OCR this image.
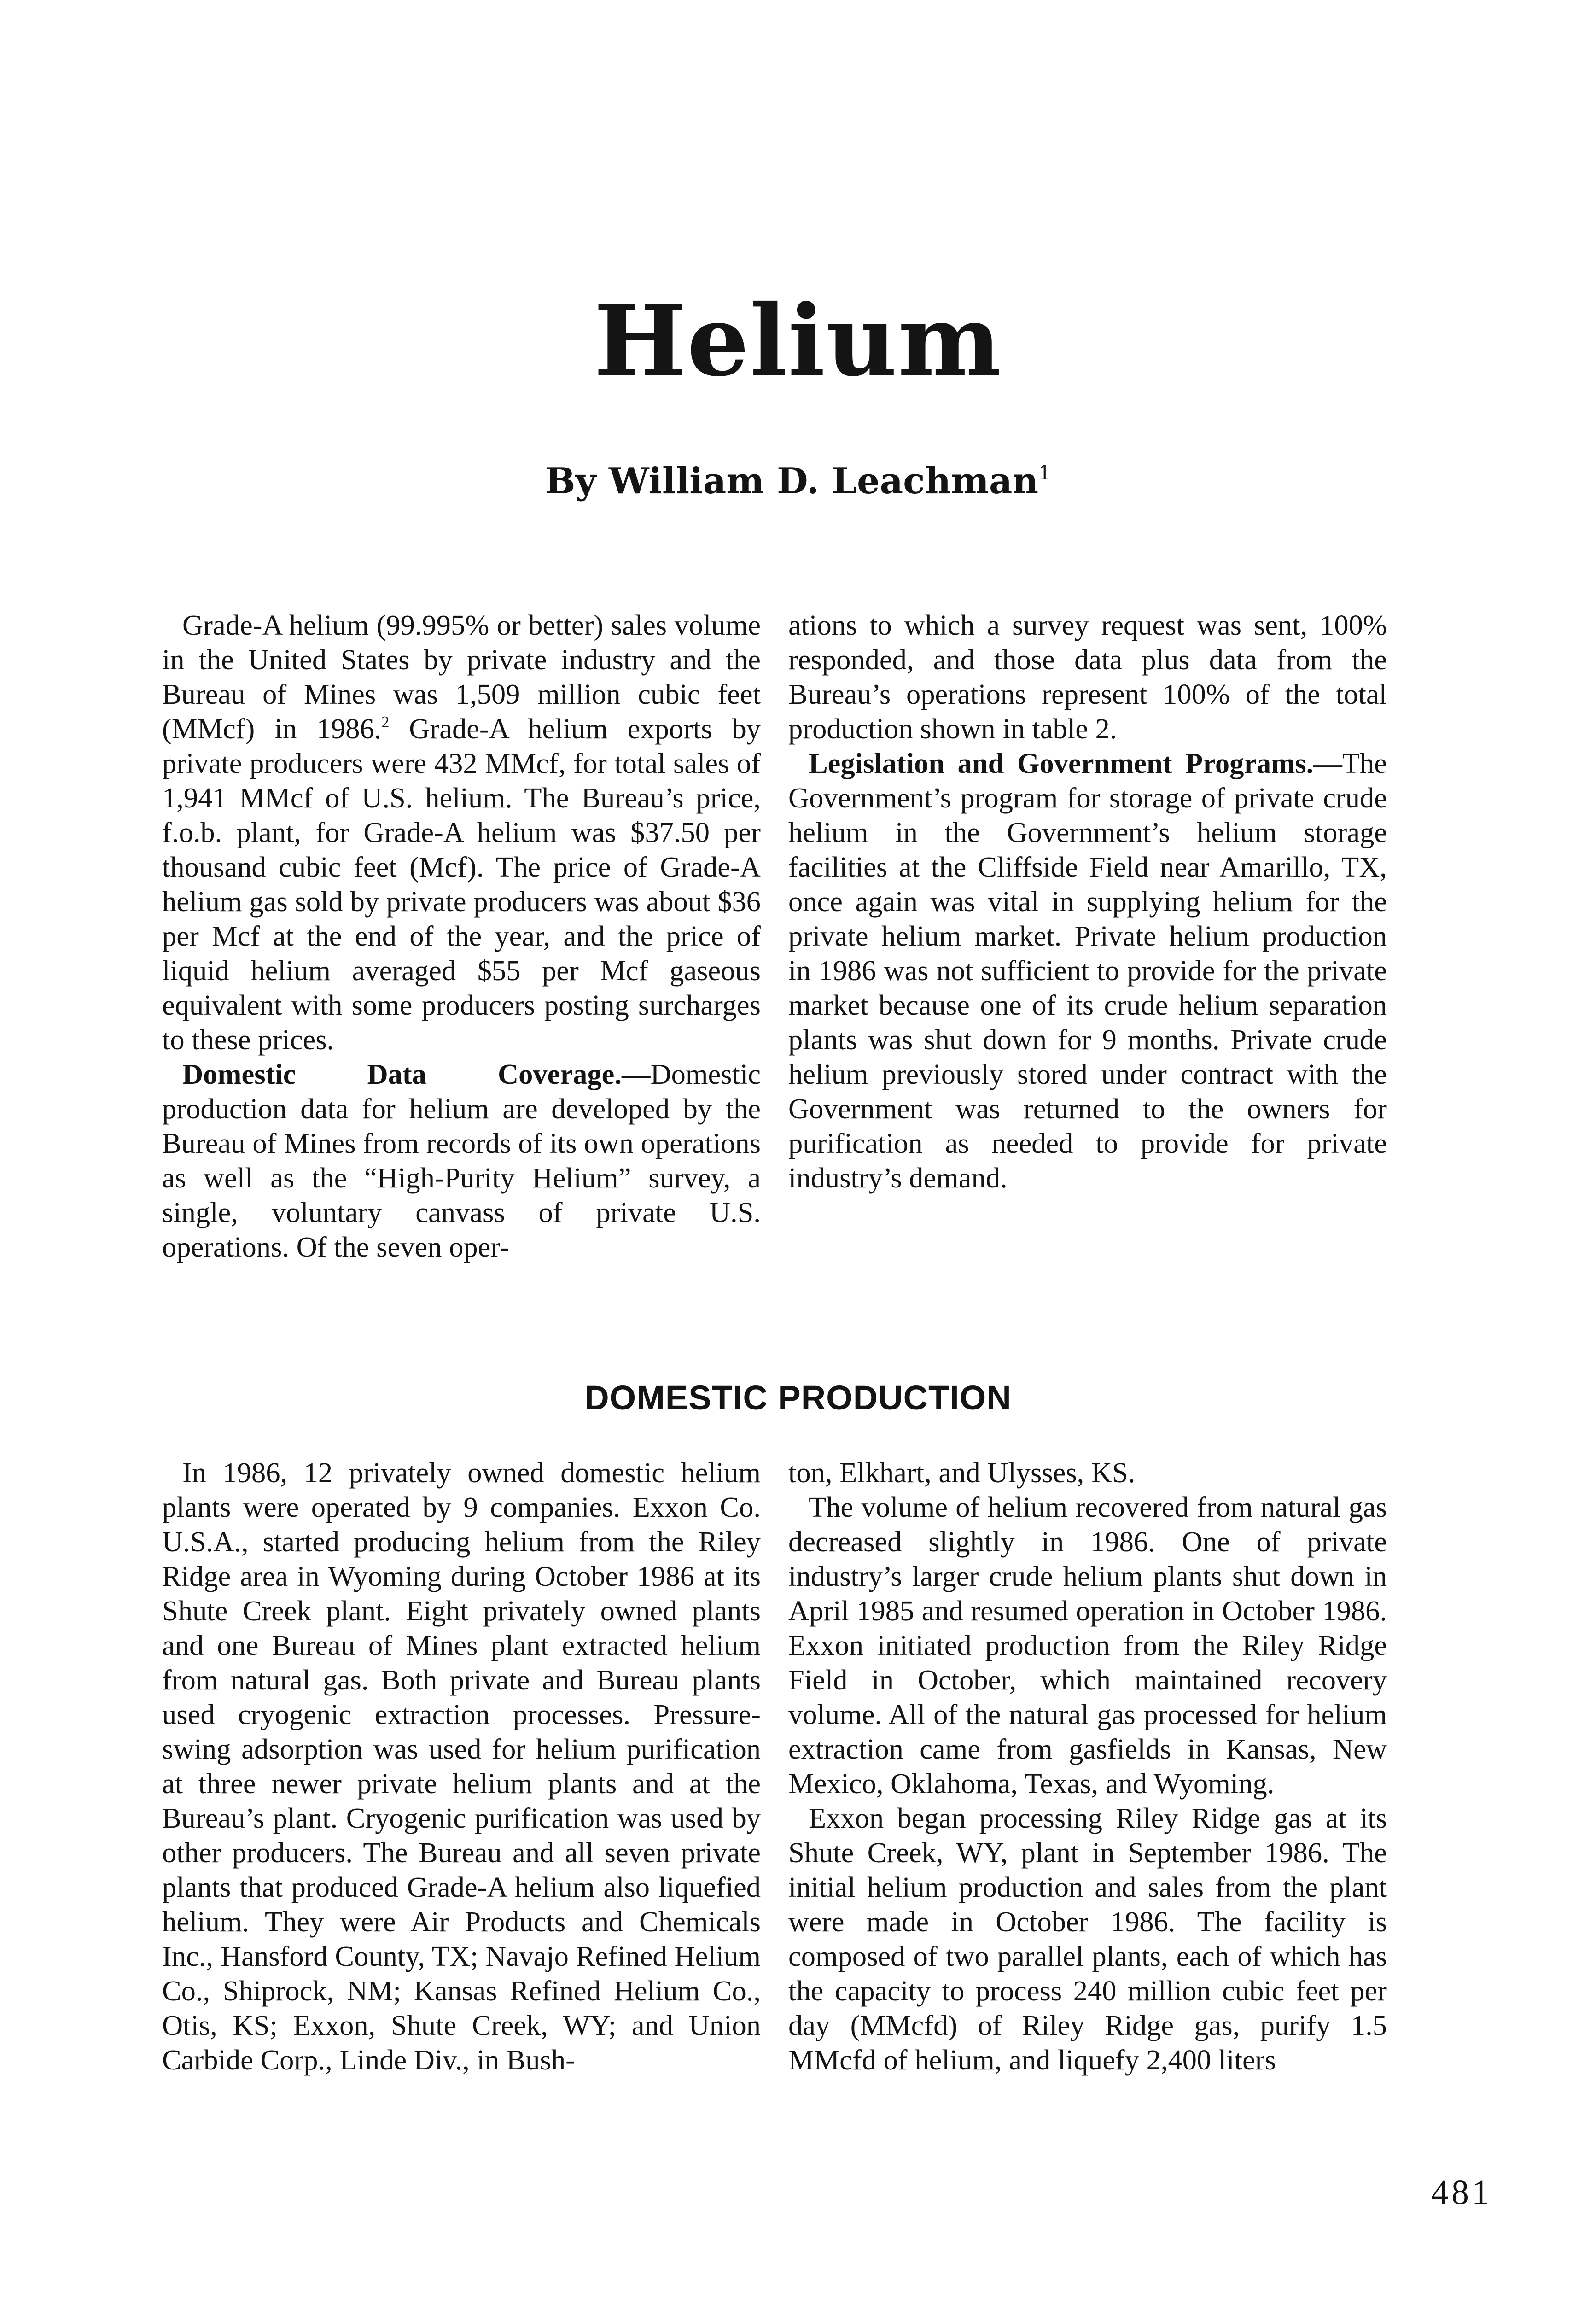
Helium
By William D. Leachman$^1$

Grade-A helium (99.995% or better) sales volume in the United States by private industry and the Bureau of Mines was 1,509 million cubic feet (MMcf) in 1986.$^2$ Grade-A helium exports by private producers were 432 MMcf, for total sales of 1,941 MMcf of U.S. helium. The Bureau’s price, f.o.b. plant, for Grade-A helium was $37.50 per thousand cubic feet (Mcf). The price of Grade-A helium gas sold by private producers was about $36 per Mcf at the end of the year, and the price of liquid helium averaged $55 per Mcf gaseous equivalent with some producers posting surcharges to these prices.

Domestic Data Coverage.—Domestic production data for helium are developed by the Bureau of Mines from records of its own operations as well as the “High-Purity Helium” survey, a single, voluntary canvass of private U.S. operations. Of the seven oper-

ations to which a survey request was sent, 100% responded, and those data plus data from the Bureau’s operations represent 100% of the total production shown in table 2.

Legislation and Government Programs.—The Government’s program for storage of private crude helium in the Government’s helium storage facilities at the Cliffside Field near Amarillo, TX, once again was vital in supplying helium for the private helium market. Private helium production in 1986 was not sufficient to provide for the private market because one of its crude helium separation plants was shut down for 9 months. Private crude helium previously stored under contract with the Government was returned to the owners for purification as needed to provide for private industry’s demand.

DOMESTIC PRODUCTION

In 1986, 12 privately owned domestic helium plants were operated by 9 companies. Exxon Co. U.S.A., started producing helium from the Riley Ridge area in Wyoming during October 1986 at its Shute Creek plant. Eight privately owned plants and one Bureau of Mines plant extracted helium from natural gas. Both private and Bureau plants used cryogenic extraction processes. Pressure-swing adsorption was used for helium purification at three newer private helium plants and at the Bureau’s plant. Cryogenic purification was used by other producers. The Bureau and all seven private plants that produced Grade-A helium also liquefied helium. They were Air Products and Chemicals Inc., Hansford County, TX; Navajo Refined Helium Co., Shiprock, NM; Kansas Refined Helium Co., Otis, KS; Exxon, Shute Creek, WY; and Union Carbide Corp., Linde Div., in Bush-

ton, Elkhart, and Ulysses, KS.

The volume of helium recovered from natural gas decreased slightly in 1986. One of private industry’s larger crude helium plants shut down in April 1985 and resumed operation in October 1986. Exxon initiated production from the Riley Ridge Field in October, which maintained recovery volume. All of the natural gas processed for helium extraction came from gasfields in Kansas, New Mexico, Oklahoma, Texas, and Wyoming.

Exxon began processing Riley Ridge gas at its Shute Creek, WY, plant in September 1986. The initial helium production and sales from the plant were made in October 1986. The facility is composed of two parallel plants, each of which has the capacity to process 240 million cubic feet per day (MMcfd) of Riley Ridge gas, purify 1.5 MMcfd of helium, and liquefy 2,400 liters

481
